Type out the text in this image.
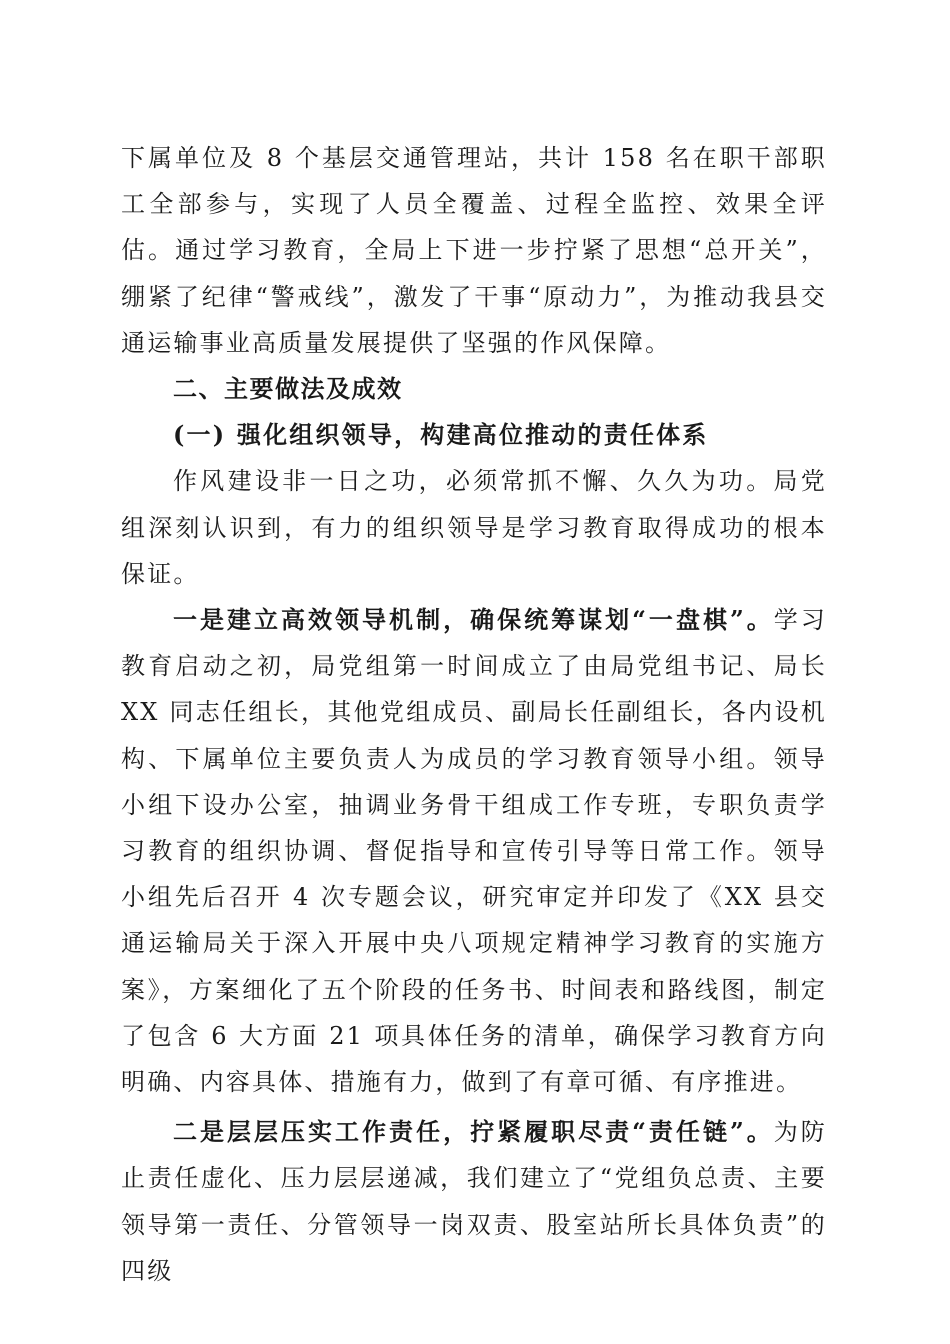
下属单位及 8 个基层交通管理站，共计 158 名在职干部职工全部参与，实现了人员全覆盖、过程全监控、效果全评估。通过学习教育，全局上下进一步拧紧了思想“总开关”，绷紧了纪律“警戒线”，激发了干事“原动力”，为推动我县交通运输事业高质量发展提供了坚强的作风保障。

二、主要做法及成效

(一) 强化组织领导，构建高位推动的责任体系

作风建设非一日之功，必须常抓不懈、久久为功。局党组深刻认识到，有力的组织领导是学习教育取得成功的根本保证。

一是建立高效领导机制，确保统筹谋划“一盘棋”。学习教育启动之初，局党组第一时间成立了由局党组书记、局长 XX 同志任组长，其他党组成员、副局长任副组长，各内设机构、下属单位主要负责人为成员的学习教育领导小组。领导小组下设办公室，抽调业务骨干组成工作专班，专职负责学习教育的组织协调、督促指导和宣传引导等日常工作。领导小组先后召开 4 次专题会议，研究审定并印发了《XX 县交通运输局关于深入开展中央八项规定精神学习教育的实施方案》，方案细化了五个阶段的任务书、时间表和路线图，制定了包含 6 大方面 21 项具体任务的清单，确保学习教育方向明确、内容具体、措施有力，做到了有章可循、有序推进。

二是层层压实工作责任，拧紧履职尽责“责任链”。为防止责任虚化、压力层层递减，我们建立了“党组负总责、主要领导第一责任、分管领导一岗双责、股室站所长具体负责”的四级
